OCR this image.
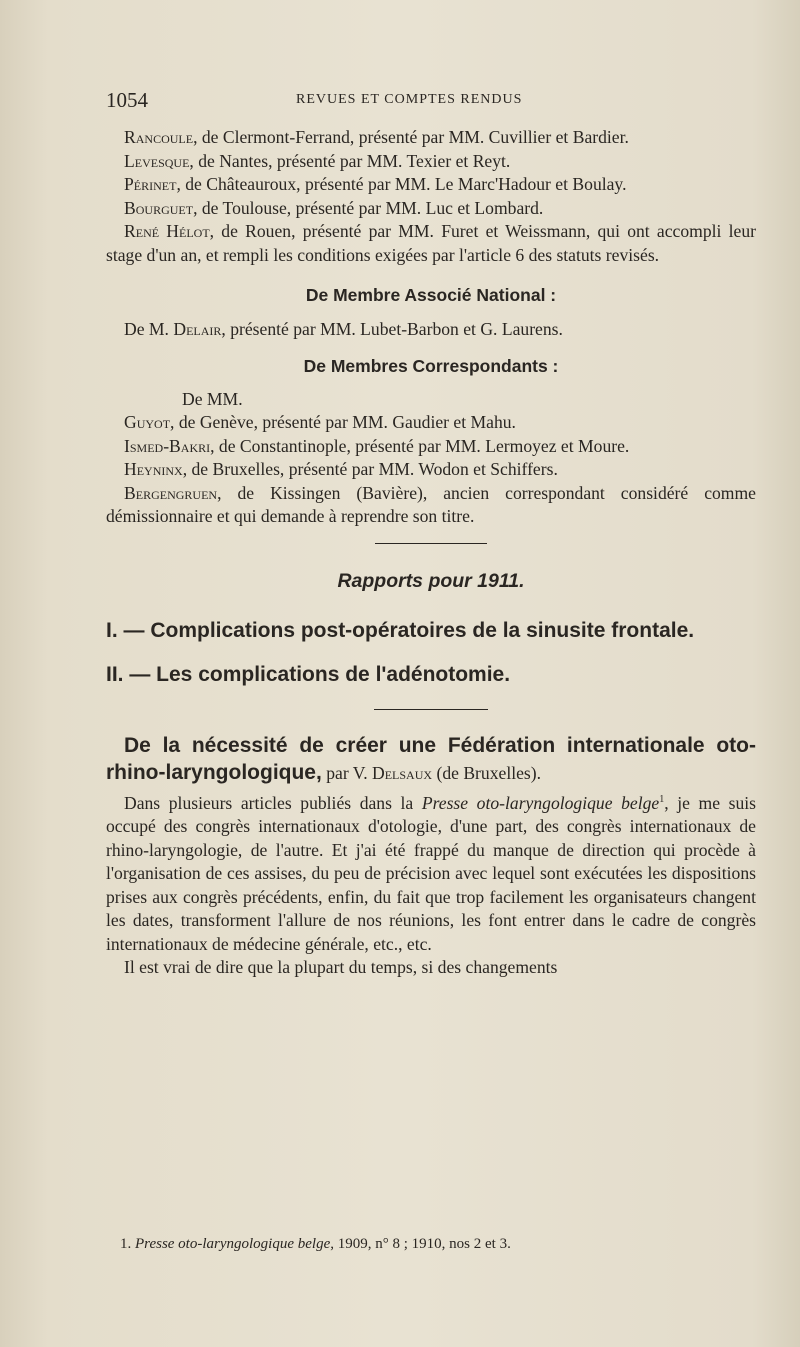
1054	REVUES ET COMPTES RENDUS

Rancoule, de Clermont-Ferrand, présenté par MM. Cuvillier et Bardier.

Levesque, de Nantes, présenté par MM. Texier et Reyt.

Périnet, de Châteauroux, présenté par MM. Le Marc'Hadour et Boulay.

Bourguet, de Toulouse, présenté par MM. Luc et Lombard.

René Hélot, de Rouen, présenté par MM. Furet et Weissmann, qui ont accompli leur stage d'un an, et rempli les conditions exigées par l'article 6 des statuts revisés.

De Membre Associé National :

De M. Delair, présenté par MM. Lubet-Barbon et G. Laurens.

De Membres Correspondants :

De MM.

Guyot, de Genève, présenté par MM. Gaudier et Mahu.

Ismed-Bakri, de Constantinople, présenté par MM. Lermoyez et Moure.

Heyninx, de Bruxelles, présenté par MM. Wodon et Schiffers.

Bergengruen, de Kissingen (Bavière), ancien correspondant considéré comme démissionnaire et qui demande à reprendre son titre.

Rapports pour 1911.

I. — Complications post-opératoires de la sinusite frontale.

II. — Les complications de l'adénotomie.

De la nécessité de créer une Fédération internationale oto-rhino-laryngologique, par V. Delsaux (de Bruxelles).

Dans plusieurs articles publiés dans la Presse oto-laryngologique belge$^1$, je me suis occupé des congrès internationaux d'otologie, d'une part, des congrès internationaux de rhino-laryngologie, de l'autre. Et j'ai été frappé du manque de direction qui procède à l'organisation de ces assises, du peu de précision avec lequel sont exécutées les dispositions prises aux congrès précédents, enfin, du fait que trop facilement les organisateurs changent les dates, transforment l'allure de nos réunions, les font entrer dans le cadre de congrès internationaux de médecine générale, etc., etc.

Il est vrai de dire que la plupart du temps, si des changements

1. Presse oto-laryngologique belge, 1909, n° 8 ; 1910, nos 2 et 3.
